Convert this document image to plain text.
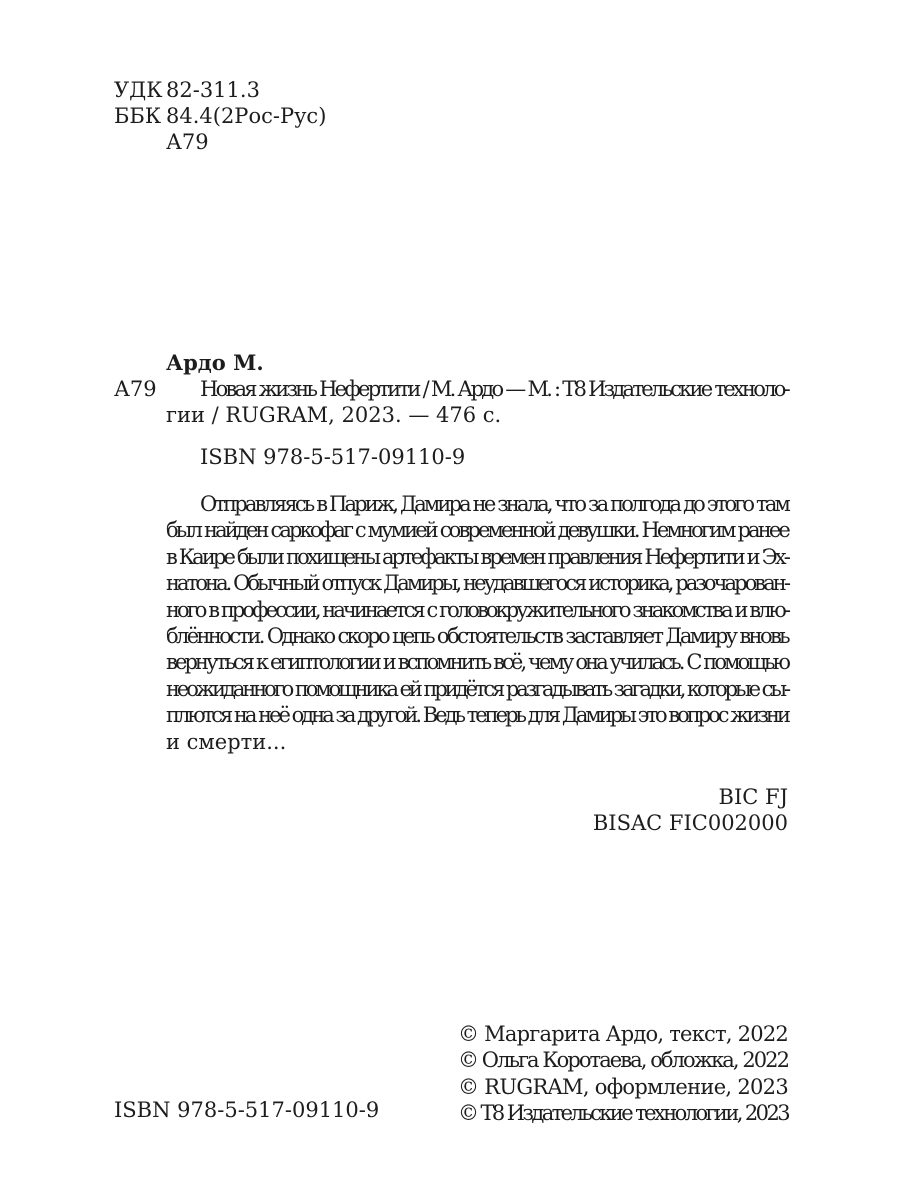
УДК 82-311.3
ББК 84.4(2Рос-Рус)
А79
Ардо М.
А79 Новая жизнь Нефертити / М. Ардо — М. : Т8 Издательские техноло-
гии / RUGRAM, 2023. — 476 с.
ISBN 978-5-517-09110-9
Отправляясь в Париж, Дамира не знала, что за полгода до этого там
был найден саркофаг с мумией современной девушки. Немногим ранее
в Каире были похищены артефакты времен правления Нефертити и Эх-
натона. Обычный отпуск Дамиры, неудавшегося историка, разочарован-
ного в профессии, начинается с головокружительного знакомства и влю-
блённости. Однако скоро цепь обстоятельств заставляет Дамиру вновь
вернуться к египтологии и вспомнить всё, чему она училась. С помощью
неожиданного помощника ей придётся разгадывать загадки, которые сы-
плются на неё одна за другой. Ведь теперь для Дамиры это вопрос жизни
и смерти...
BIC FJ
BISAC FIC002000
ISBN 978-5-517-09110-9
© Маргарита Ардо, текст, 2022
© Ольга Коротаева, обложка, 2022
© RUGRAM, оформление, 2023
© Т8 Издательские технологии, 2023
